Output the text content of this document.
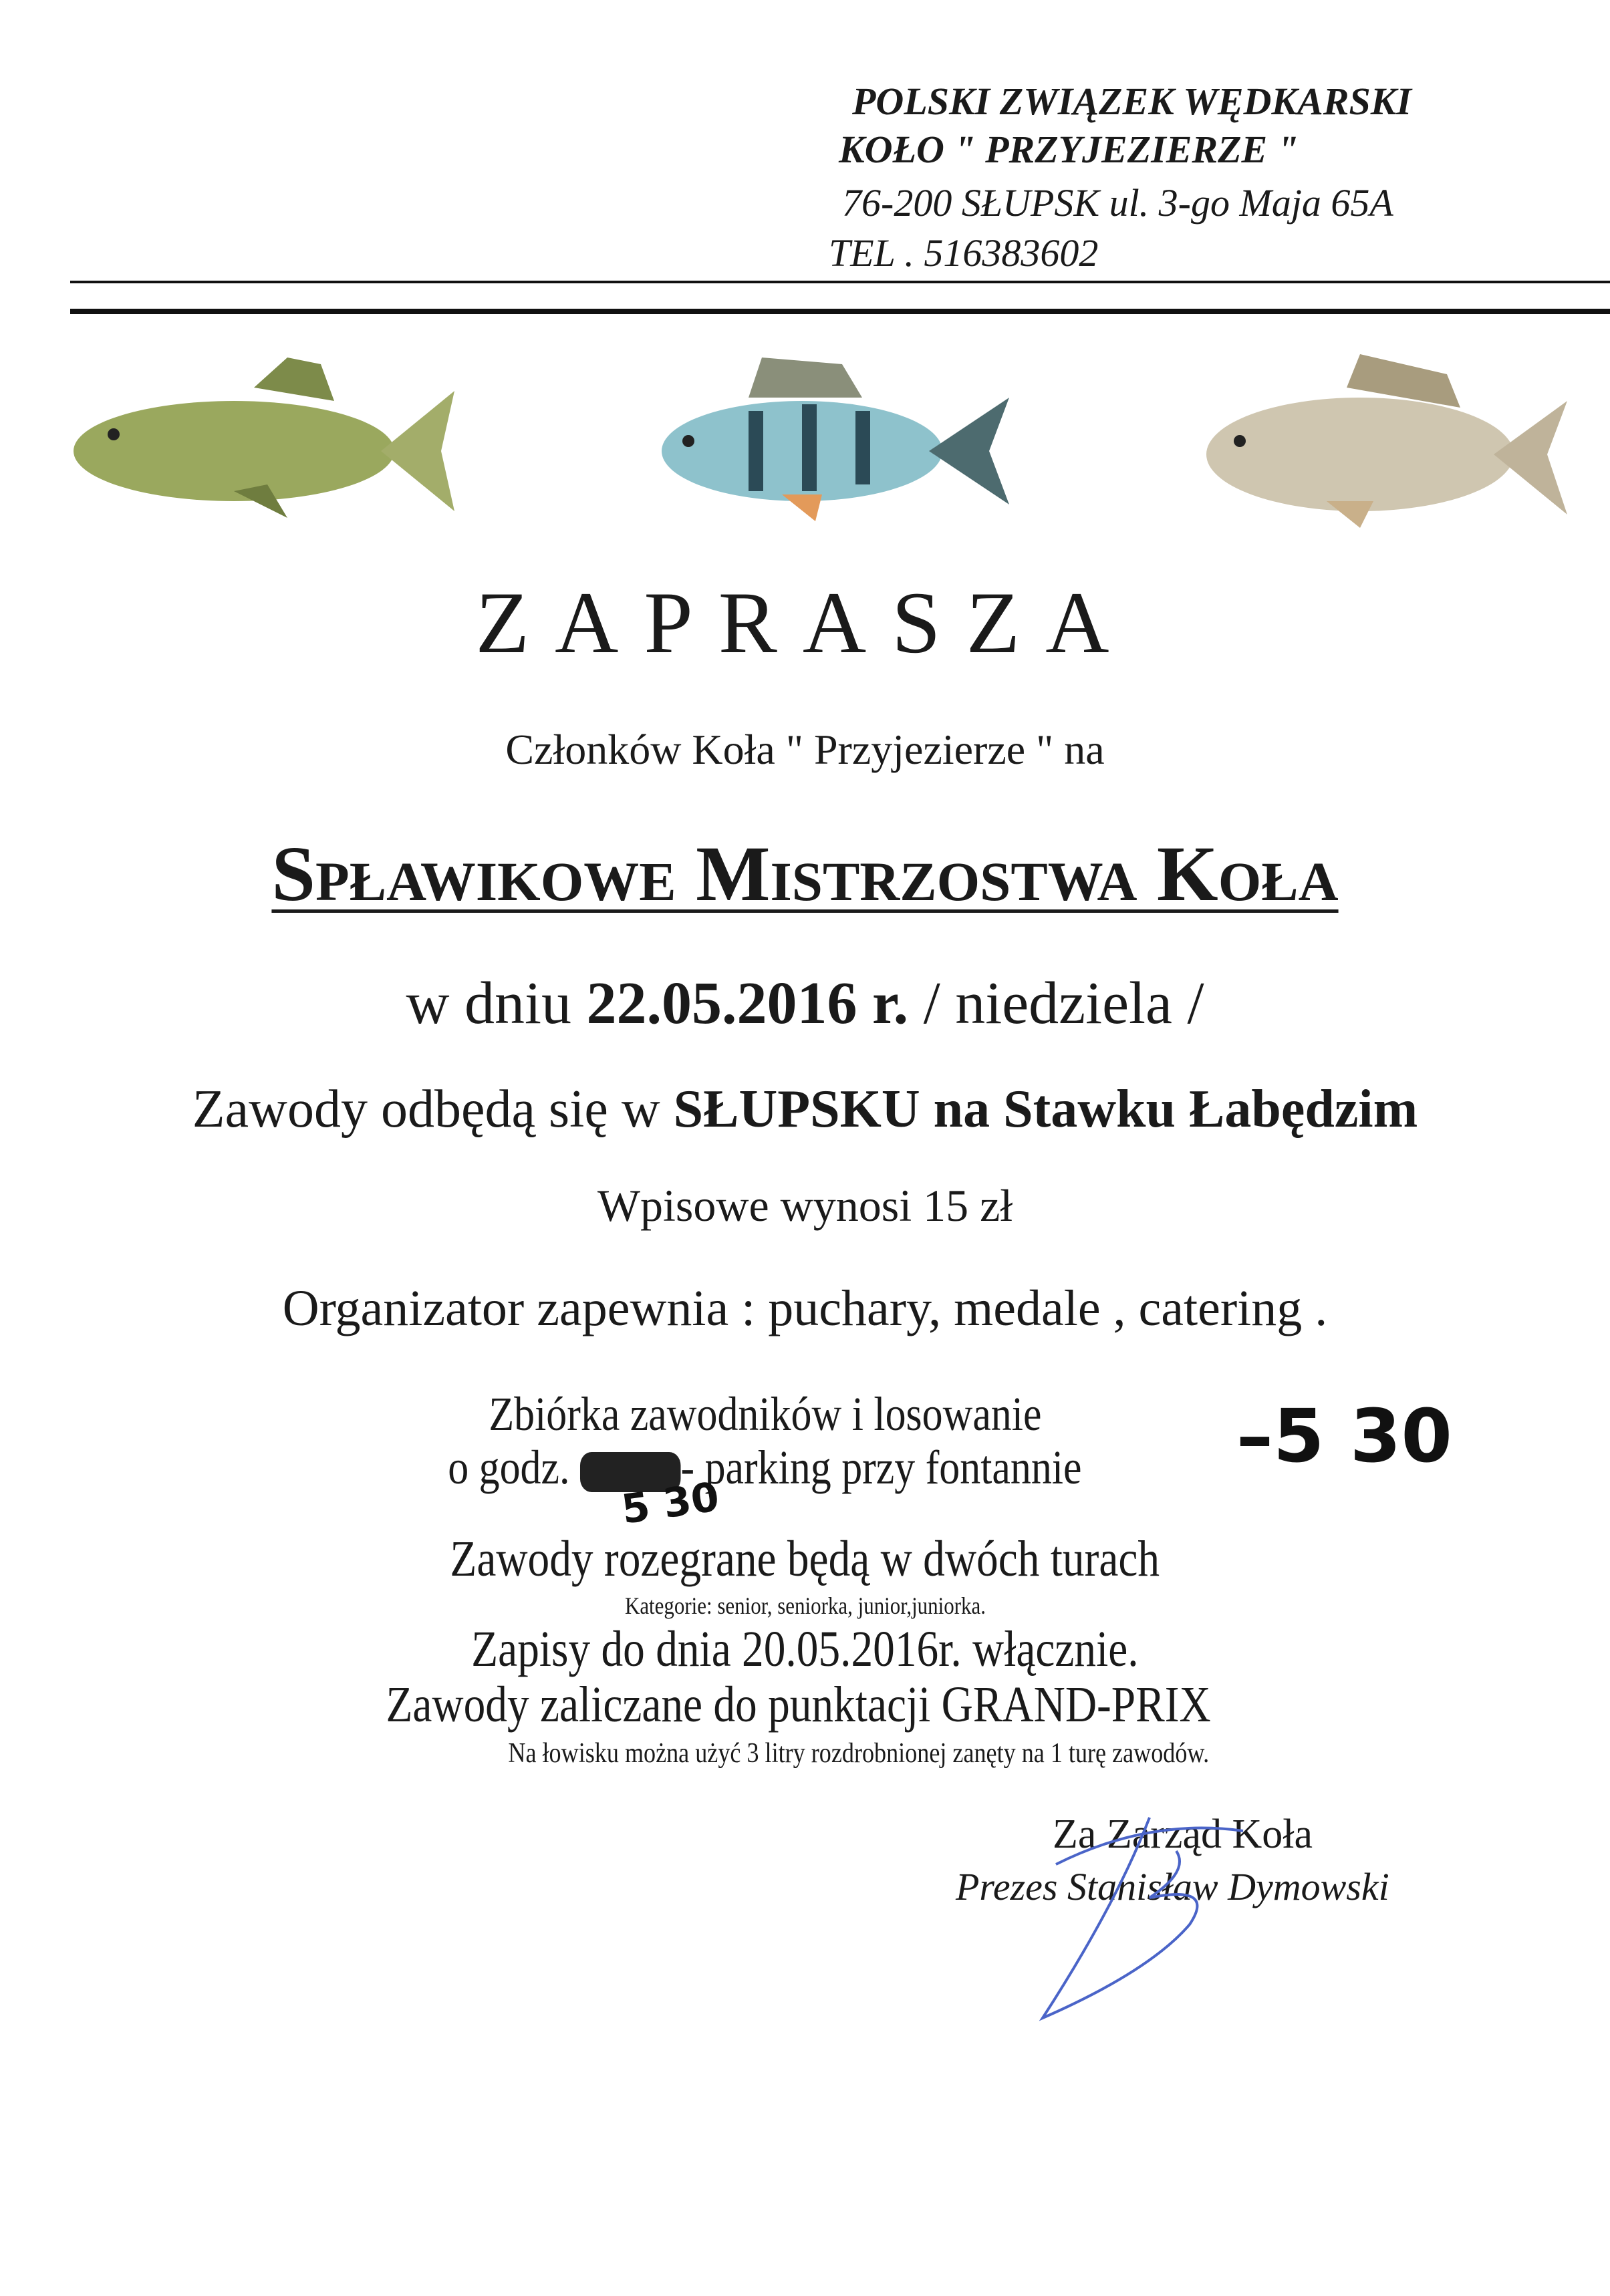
POLSKI ZWIĄZEK WĘDKARSKI
KOŁO " PRZYJEZIERZE "
76-200 SŁUPSK ul. 3-go Maja 65A
TEL . 516383602
ZAPRASZA
Członków Koła " Przyjezierze " na
Spławikowe Mistrzostwa Koła
w dniu 22.05.2016 r. / niedziela /
Zawody odbędą się w SŁUPSKU na Stawku Łabędzim
Wpisowe wynosi 15 zł
Organizator zapewnia : puchary, medale , catering .
Zbiórka zawodników i losowanie
o godz. - parking przy fontannie	–5 30
5 30
Zawody rozegrane będą w dwóch turach
Kategorie: senior, seniorka, junior,juniorka.
Zapisy do dnia 20.05.2016r. włącznie.
Zawody zaliczane do punktacji GRAND-PRIX
Na łowisku można użyć 3 litry rozdrobnionej zanęty na 1 turę zawodów.
Za Zarząd Koła
Prezes Stanisław Dymowski
